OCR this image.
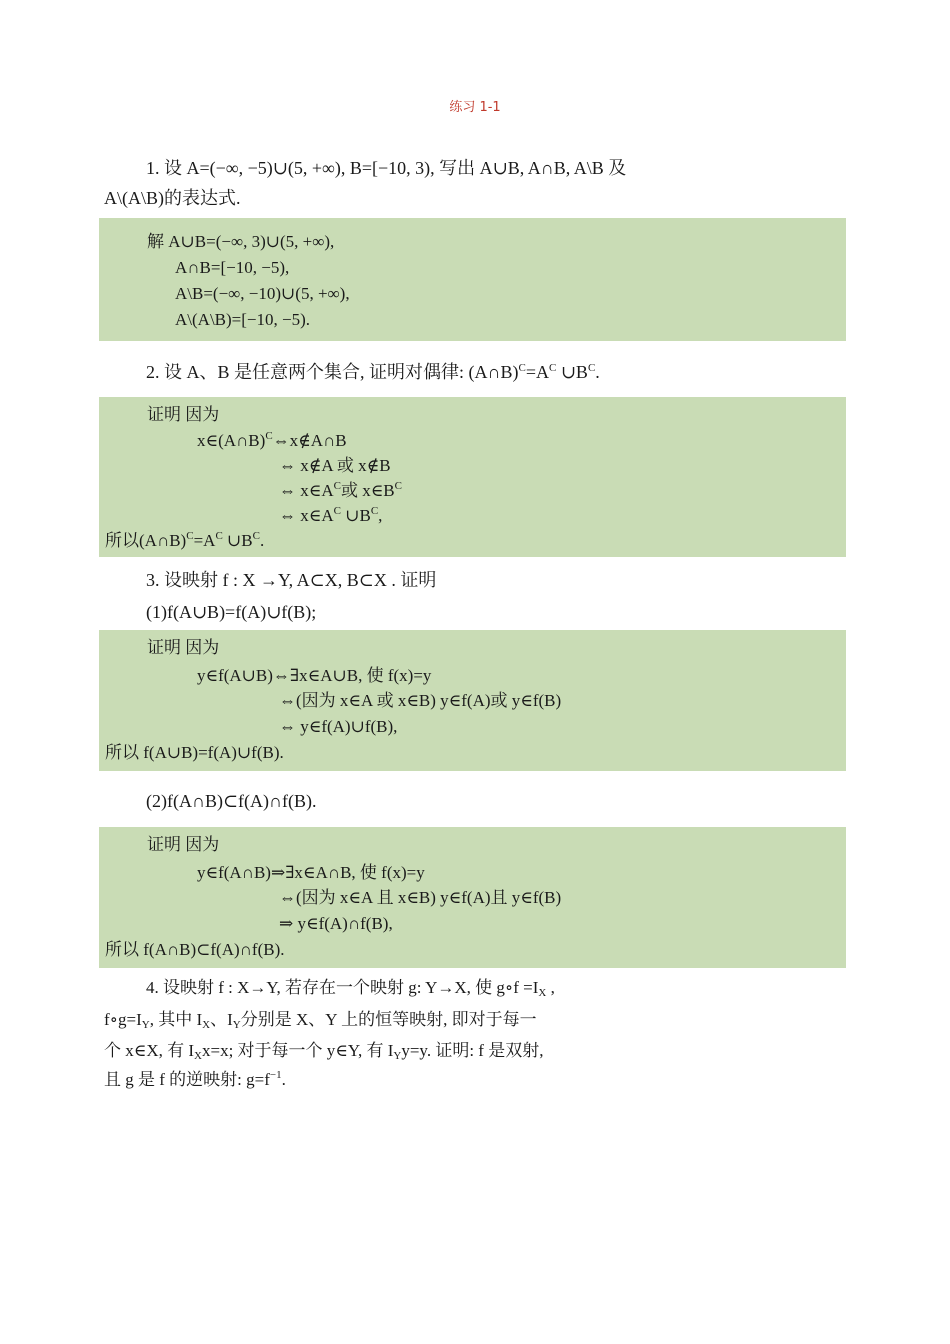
练习 1-1
1. 设 A=(−∞, −5)∪(5, +∞), B=[−10, 3), 写出 A∪B, A∩B, A\B 及
A\(A\B)的表达式.
解 A∪B=(−∞, 3)∪(5, +∞),
A∩B=[−10, −5),
A\B=(−∞, −10)∪(5, +∞),
A\(A\B)=[−10, −5).
2. 设 A、B 是任意两个集合, 证明对偶律: $(A\cap B)^C=A^C$ $\cup B^C$.
证明 因为
x∈(A∩B)$^C$⇔x∉A∩B
⇔ x∉A 或 x∉B
⇔ $x\in A^C$或 $x\in B^C$
⇔ $x\in A^C$ $\cup B^C$,
所以$(A\cap B)^C=A^C$ $\cup B^C$.
3. 设映射 f : X →Y, A⊂X, B⊂X . 证明
(1)f(A∪B)=f(A)∪f(B);
证明 因为
y∈f(A∪B)⇔∃x∈A∪B, 使 f(x)=y
⇔(因为 x∈A 或 x∈B) y∈f(A)或 y∈f(B)
⇔ y∈f(A)∪f(B),
所以 f(A∪B)=f(A)∪f(B).
(2)f(A∩B)⊂f(A)∩f(B).
证明 因为
y∈f(A∩B)⇒∃x∈A∩B, 使 f(x)=y
⇔(因为 x∈A 且 x∈B) y∈f(A)且 y∈f(B)
⇒ y∈f(A)∩f(B),
所以 f(A∩B)⊂f(A)∩f(B).
4. 设映射 f : X→Y, 若存在一个映射 g: Y→X, 使 g∘f $=I_X$ ,
$f\circ g=I_Y$, 其中 $I_X$、$I_Y$分别是 X、Y 上的恒等映射, 即对于每一
个 x∈X, 有 $I_Xx=x$; 对于每一个 y∈Y, 有 $I_Yy=y$. 证明: f 是双射,
且 g 是 f 的逆映射: $g=f^{-1}$.
